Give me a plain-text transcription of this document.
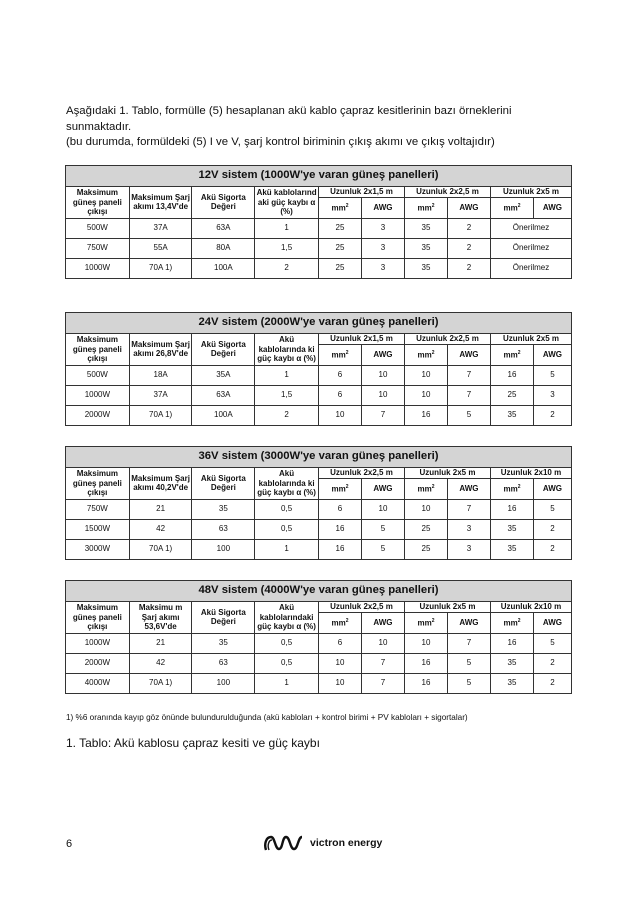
Aşağıdaki 1. Tablo, formülle (5) hesaplanan akü kablo çapraz kesitlerinin bazı örneklerini

sunmaktadır.

(bu durumda, formüldeki (5) I ve V, şarj kontrol biriminin çıkış akımı ve çıkış voltajıdır)

12V sistem (1000W'ye varan güneş panelleri)									
Maksimum güneş paneli çıkışı	Maksimum Şarj akımı 13,4V'de	Akü Sigorta Değeri	Akü kablolarınd aki güç kaybı α (%)	Uzunluk 2x1,5 m		Uzunluk 2x2,5 m		Uzunluk 2x5 m	
				$mm^2$	AWG	$mm^2$	AWG	$mm^2$	AWG
500W	37A	63A	1	25	3	35	2	Önerilmez	
750W	55A	80A	1,5	25	3	35	2	Önerilmez	
1000W	70A 1)	100A	2	25	3	35	2	Önerilmez	
24V sistem (2000W'ye varan güneş panelleri)									
Maksimum güneş paneli çıkışı	Maksimum Şarj akımı 26,8V'de	Akü Sigorta Değeri	Akü kablolarında ki güç kaybı α (%)	Uzunluk 2x1,5 m		Uzunluk 2x2,5 m		Uzunluk 2x5 m	
				$mm^2$	AWG	$mm^2$	AWG	$mm^2$	AWG
500W	18A	35A	1	6	10	10	7	16	5
1000W	37A	63A	1,5	6	10	10	7	25	3
2000W	70A 1)	100A	2	10	7	16	5	35	2
36V sistem (3000W'ye varan güneş panelleri)									
Maksimum güneş paneli çıkışı	Maksimum Şarj akımı 40,2V'de	Akü Sigorta Değeri	Akü kablolarında ki güç kaybı α (%)	Uzunluk 2x2,5 m		Uzunluk 2x5 m		Uzunluk 2x10 m	
				$mm^2$	AWG	$mm^2$	AWG	$mm^2$	AWG
750W	21	35	0,5	6	10	10	7	16	5
1500W	42	63	0,5	16	5	25	3	35	2
3000W	70A 1)	100	1	16	5	25	3	35	2
48V sistem (4000W'ye varan güneş panelleri)									
Maksimum güneş paneli çıkışı	Maksimu m Şarj akımı 53,6V'de	Akü Sigorta Değeri	Akü kablolarındaki güç kaybı α (%)	Uzunluk 2x2,5 m		Uzunluk 2x5 m		Uzunluk 2x10 m	
				$mm^2$	AWG	$mm^2$	AWG	$mm^2$	AWG
1000W	21	35	0,5	6	10	10	7	16	5
2000W	42	63	0,5	10	7	16	5	35	2
4000W	70A 1)	100	1	10	7	16	5	35	2
1) %6 oranında kayıp göz önünde bulundurulduğunda (akü kabloları + kontrol birimi + PV kabloları + sigortalar)
1. Tablo: Akü kablosu çapraz kesiti ve güç kaybı
6	victron energy
